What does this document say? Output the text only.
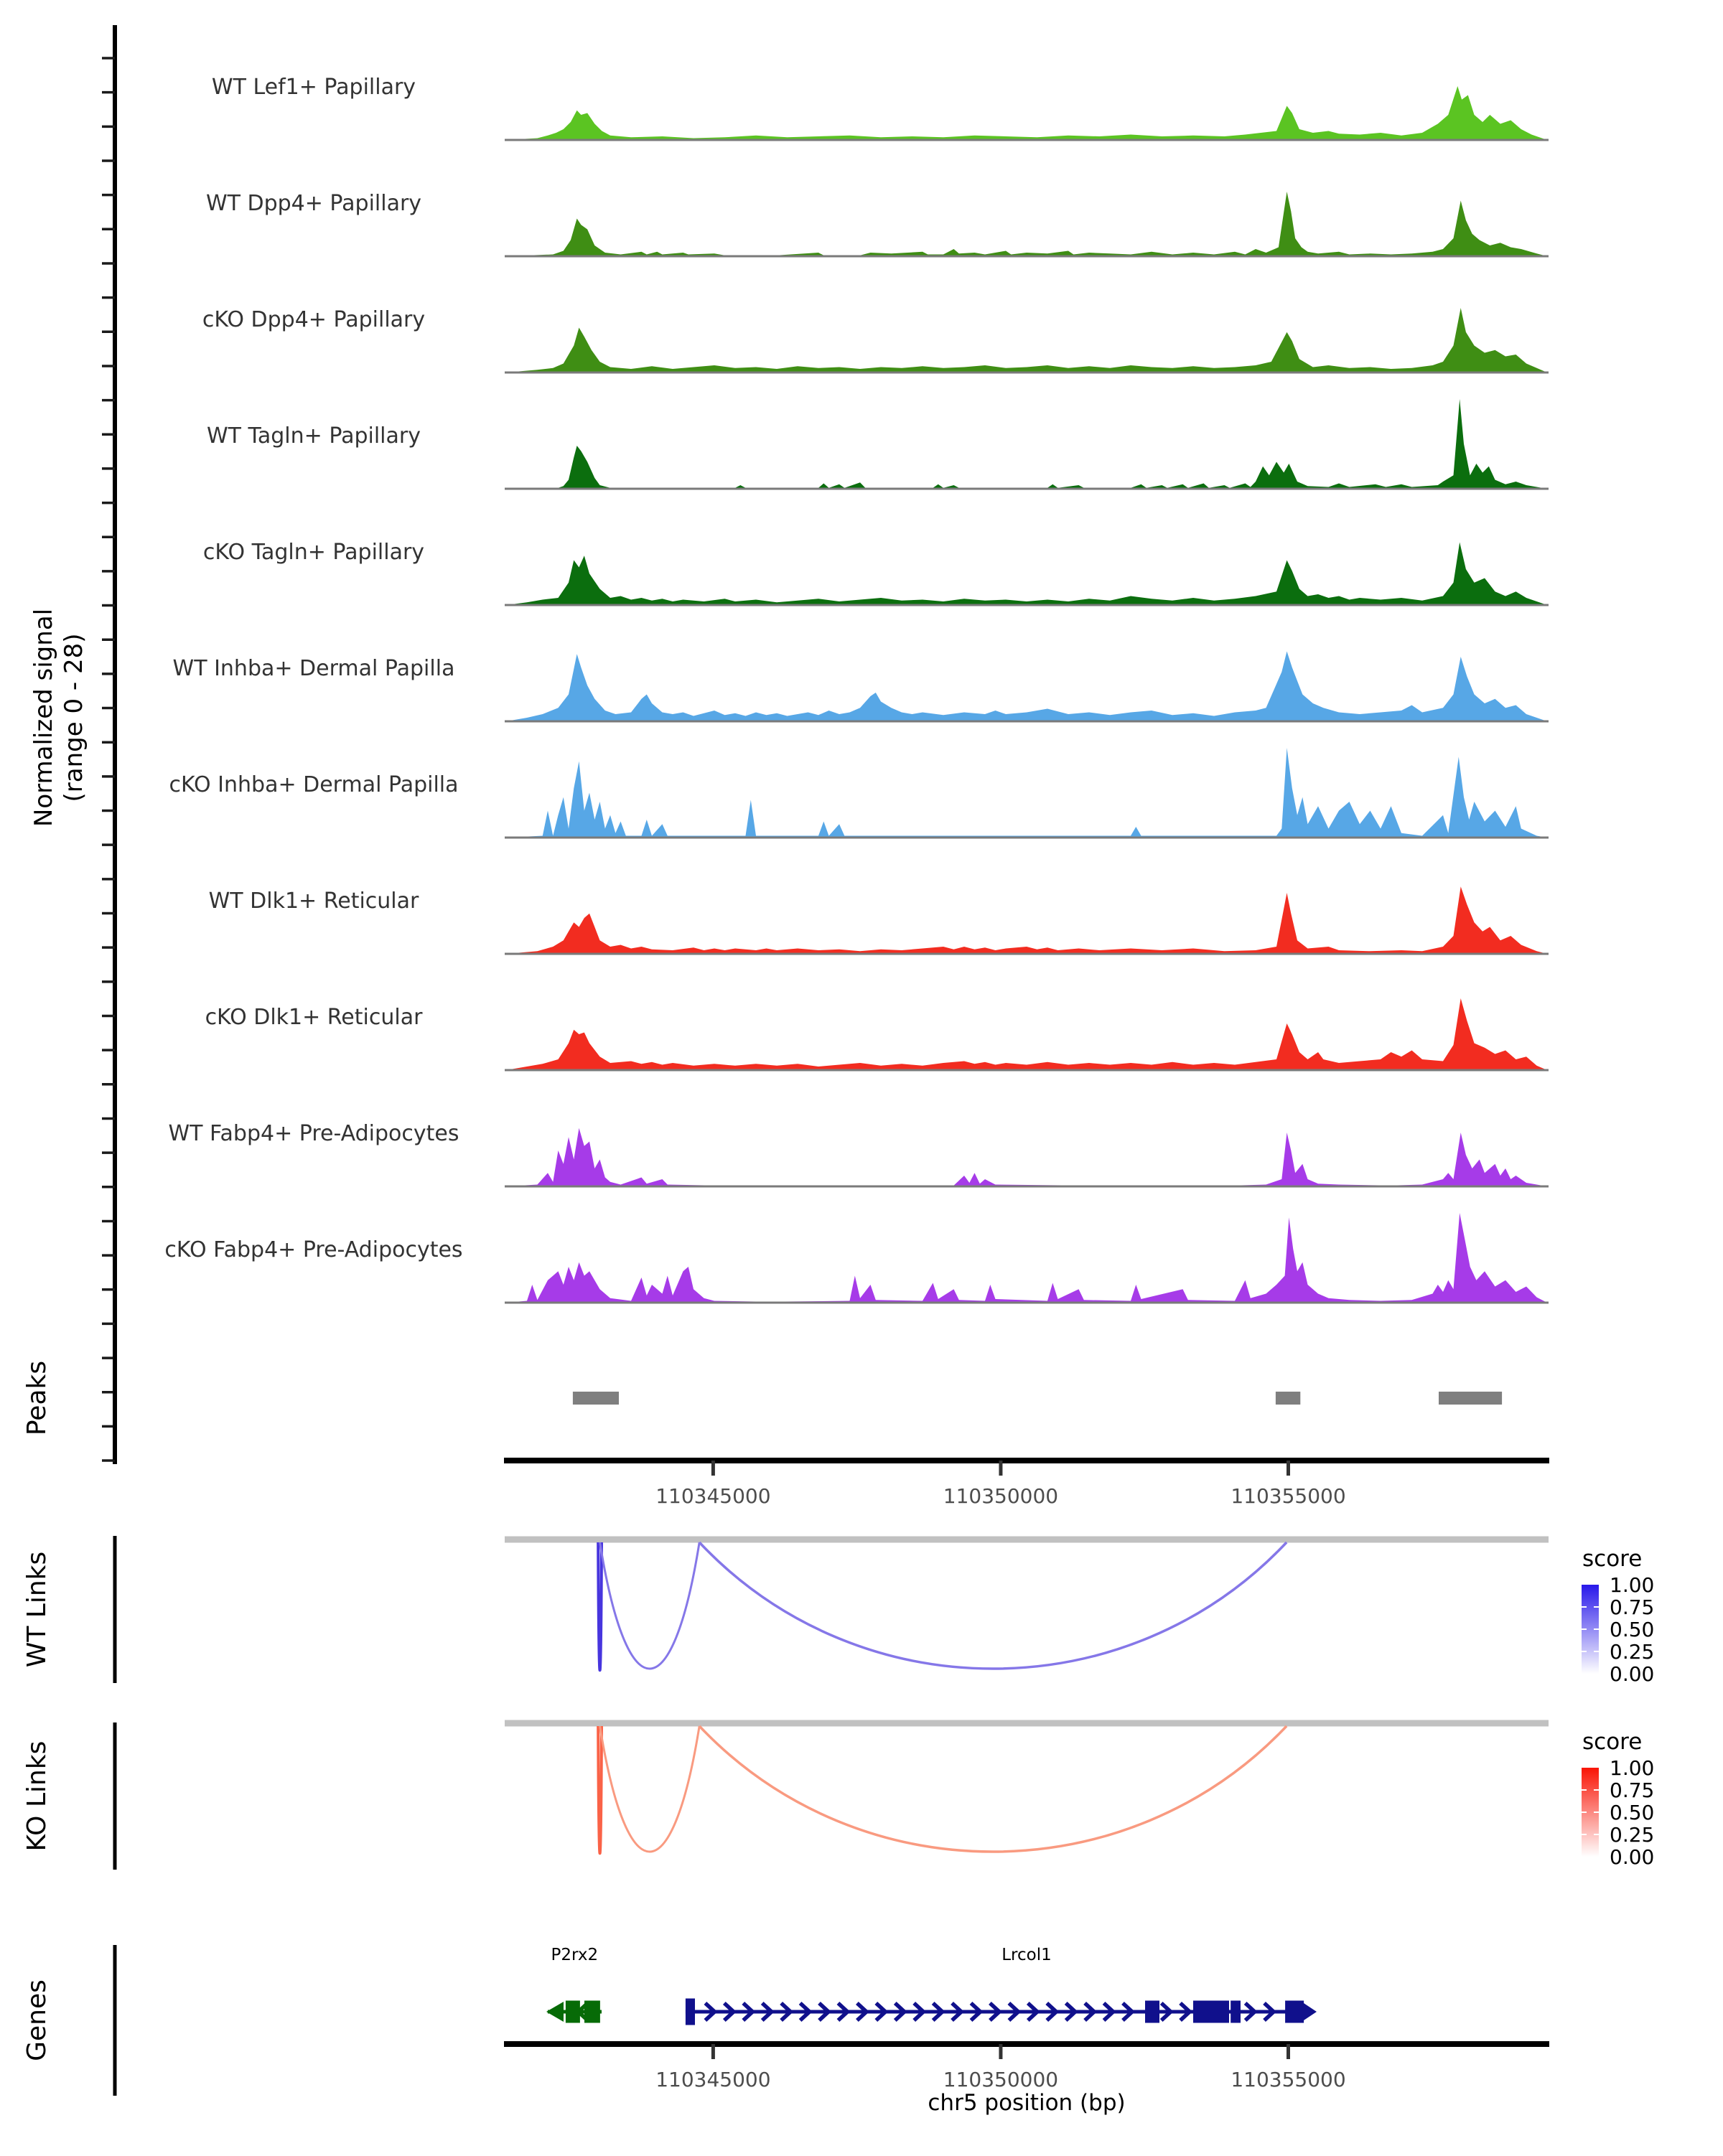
Normalized signal (range 0 - 28)
WT Lef1+ Papillary
WT Dpp4+ Papillary
cKO Dpp4+ Papillary
WT Tagln+ Papillary
cKO Tagln+ Papillary
WT Inhba+ Dermal Papilla
cKO Inhba+ Dermal Papilla
WT Dlk1+ Reticular
cKO Dlk1+ Reticular
WT Fabp4+ Pre-Adipocytes
cKO Fabp4+ Pre-Adipocytes
Peaks
110345000	110350000	110355000
WT Links	score
1.00
0.75
0.50
0.25
0.00
KO Links	score
1.00
0.75
0.50
0.25
0.00
Genes
P2rx2	Lrcol1
110345000	110350000	110355000
chr5 position (bp)
